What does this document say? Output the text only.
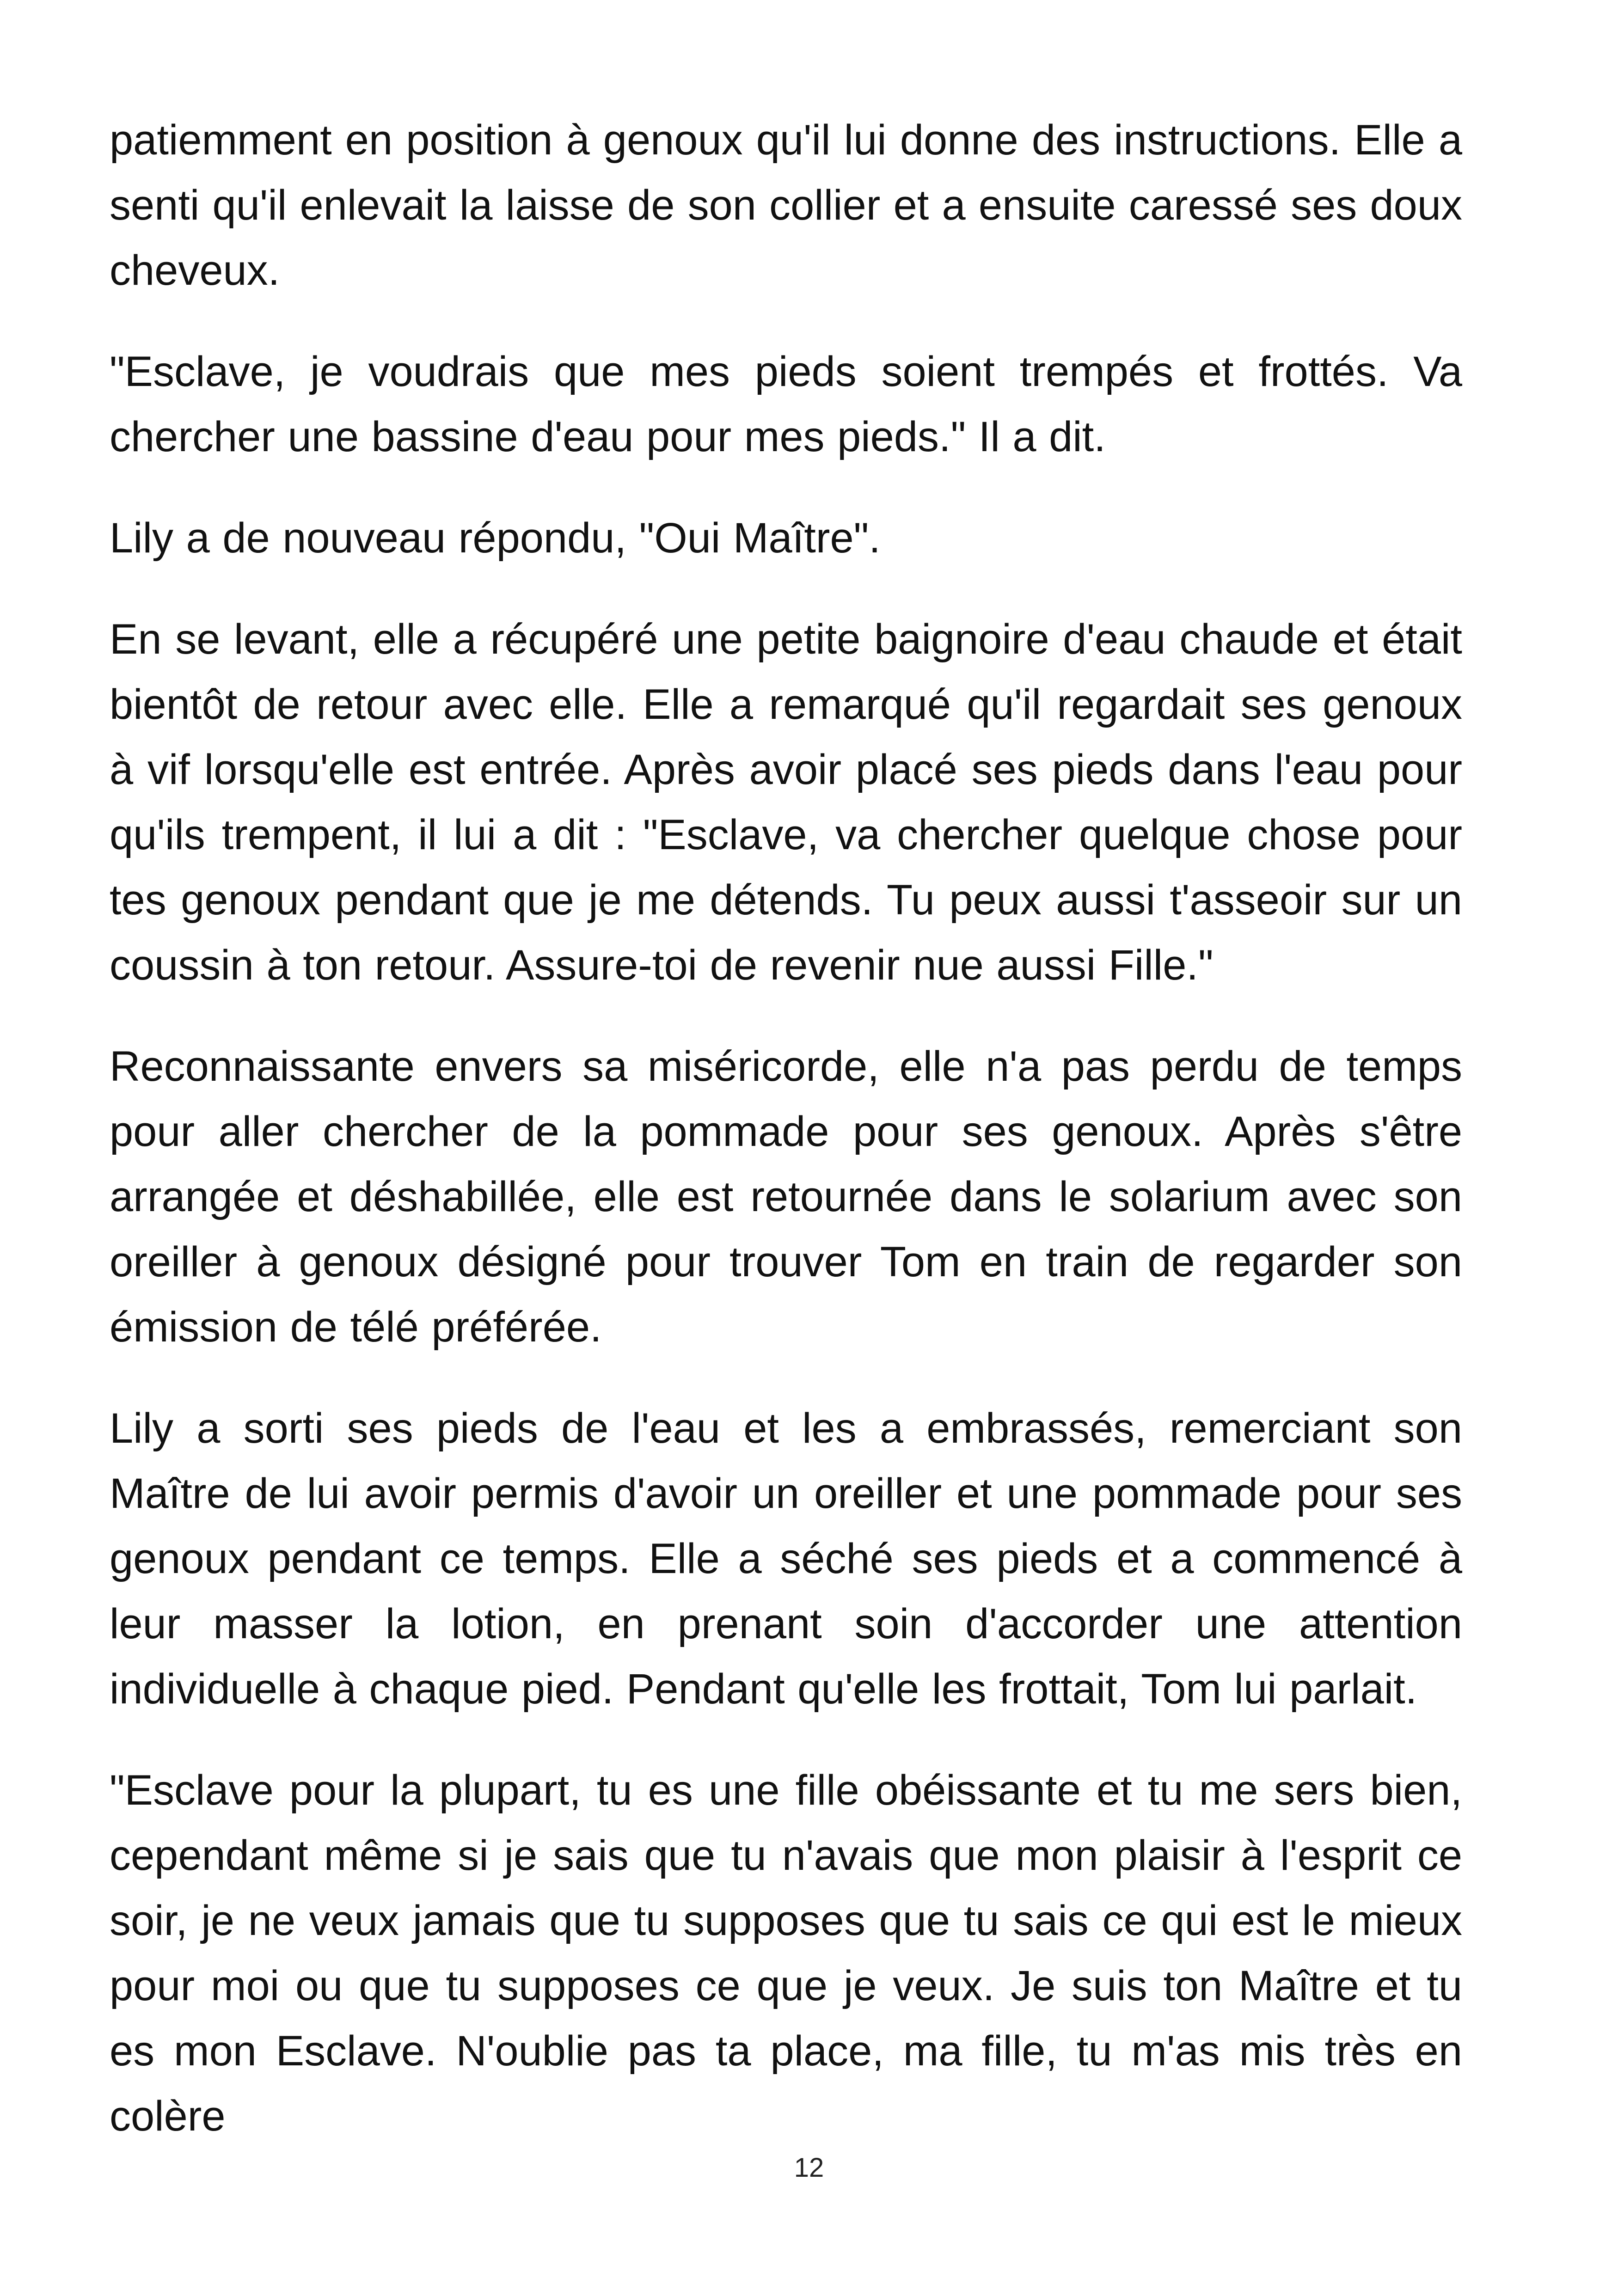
patiemment en position à genoux qu'il lui donne des instructions. Elle a senti qu'il enlevait la laisse de son collier et a ensuite caressé ses doux cheveux.

"Esclave, je voudrais que mes pieds soient trempés et frottés. Va chercher une bassine d'eau pour mes pieds." Il a dit.

Lily a de nouveau répondu, "Oui Maître".

En se levant, elle a récupéré une petite baignoire d'eau chaude et était bientôt de retour avec elle. Elle a remarqué qu'il regardait ses genoux à vif lorsqu'elle est entrée. Après avoir placé ses pieds dans l'eau pour qu'ils trempent, il lui a dit : "Esclave, va chercher quelque chose pour tes genoux pendant que je me détends. Tu peux aussi t'asseoir sur un coussin à ton retour. Assure-toi de revenir nue aussi Fille."

Reconnaissante envers sa miséricorde, elle n'a pas perdu de temps pour aller chercher de la pommade pour ses genoux. Après s'être arrangée et déshabillée, elle est retournée dans le solarium avec son oreiller à genoux désigné pour trouver Tom en train de regarder son émission de télé préférée.

Lily a sorti ses pieds de l'eau et les a embrassés, remerciant son Maître de lui avoir permis d'avoir un oreiller et une pommade pour ses genoux pendant ce temps. Elle a séché ses pieds et a commencé à leur masser la lotion, en prenant soin d'accorder une attention individuelle à chaque pied. Pendant qu'elle les frottait, Tom lui parlait.

"Esclave pour la plupart, tu es une fille obéissante et tu me sers bien, cependant même si je sais que tu n'avais que mon plaisir à l'esprit ce soir, je ne veux jamais que tu supposes que tu sais ce qui est le mieux pour moi ou que tu supposes ce que je veux. Je suis ton Maître et tu es mon Esclave. N'oublie pas ta place, ma fille, tu m'as mis très en colère

12
